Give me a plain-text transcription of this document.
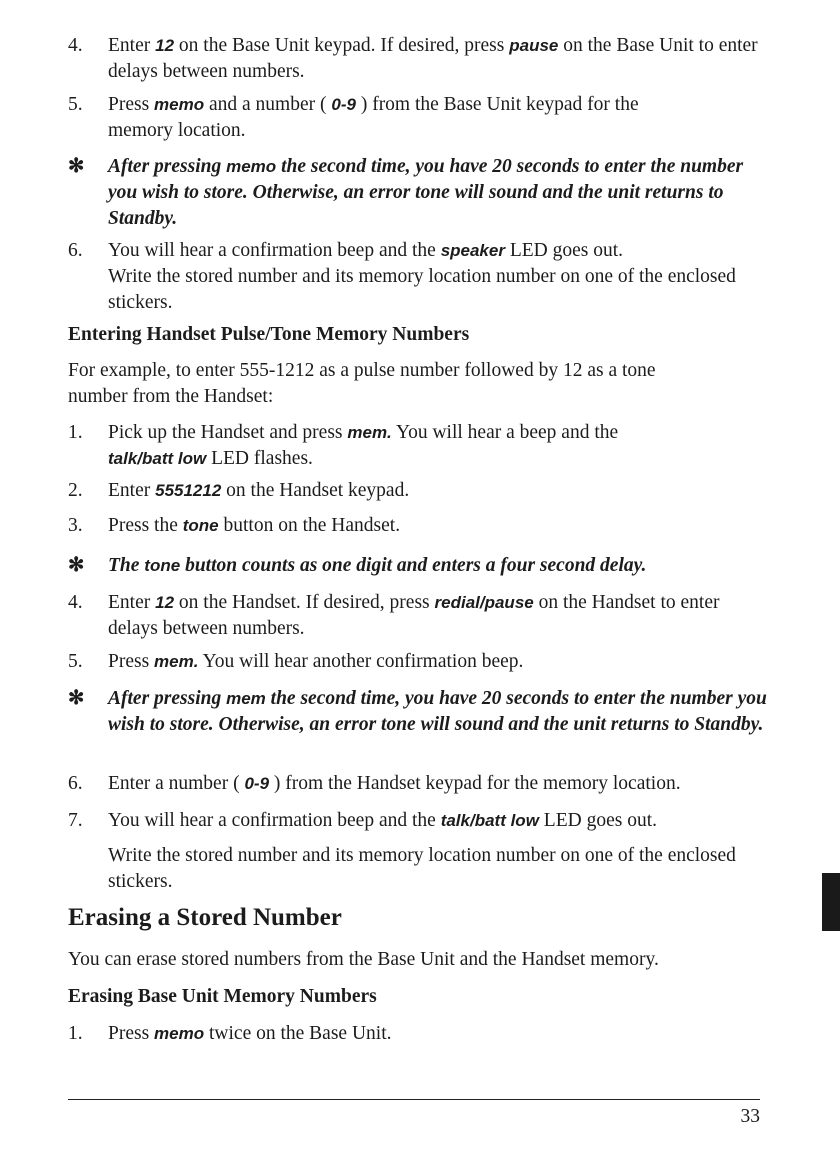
4.	Enter 12 on the Base Unit keypad. If desired, press pause on the Base Unit to enter delays between numbers.
5.	Press memo and a number ( 0-9 ) from the Base Unit keypad for the memory location.
✻ After pressing memo the second time, you have 20 seconds to enter the number you wish to store. Otherwise, an error tone will sound and the unit returns to Standby.
6.	You will hear a confirmation beep and the speaker LED goes out.
Write the stored number and its memory location number on one of the enclosed stickers.
Entering Handset Pulse/Tone Memory Numbers
For example, to enter 555-1212 as a pulse number followed by 12 as a tone number from the Handset:
1.	Pick up the Handset and press mem. You will hear a beep and the talk/batt low LED flashes.
2.	Enter 5551212 on the Handset keypad.
3.	Press the tone button on the Handset.
✻ The tone button counts as one digit and enters a four second delay.
4.	Enter 12 on the Handset. If desired, press redial/pause on the Handset to enter delays between numbers.
5.	Press mem. You will hear another confirmation beep.
✻ After pressing mem the second time, you have 20 seconds to enter the number you wish to store. Otherwise, an error tone will sound and the unit returns to Standby.
6.	Enter a number ( 0-9 ) from the Handset keypad for the memory location.
7.	You will hear a confirmation beep and the talk/batt low LED goes out.
Write the stored number and its memory location number on one of the enclosed stickers.
Erasing a Stored Number
You can erase stored numbers from the Base Unit and the Handset memory.
Erasing Base Unit Memory Numbers
1.	Press memo twice on the Base Unit.
33
